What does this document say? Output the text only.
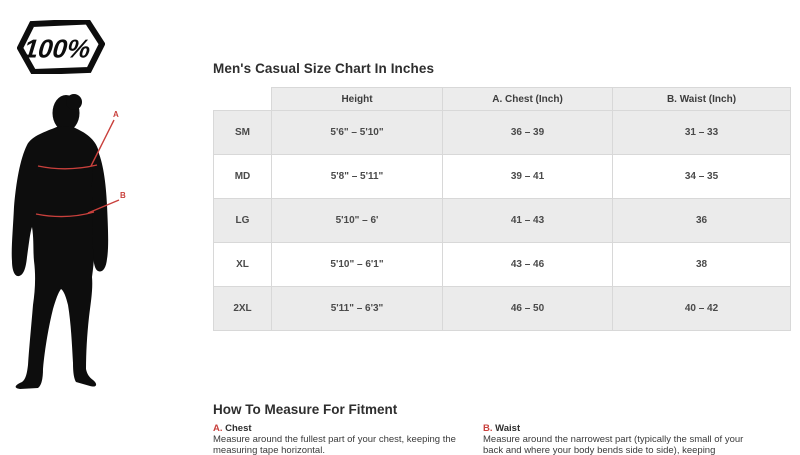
100%
A
B
Men's Casual Size Chart In Inches
	Height	A. Chest (Inch)	B. Waist (Inch)
SM	5'6" – 5'10"	36 – 39	31 – 33
MD	5'8" – 5'11"	39 – 41	34 – 35
LG	5'10" – 6'	41 – 43	36
XL	5'10" – 6'1"	43 – 46	38
2XL	5'11" – 6'3"	46 – 50	40 – 42
How To Measure For Fitment
A. Chest
Measure around the fullest part of your chest, keeping the measuring tape horizontal.
B. Waist
Measure around the narrowest part (typically the small of your back and where your body bends side to side), keeping
